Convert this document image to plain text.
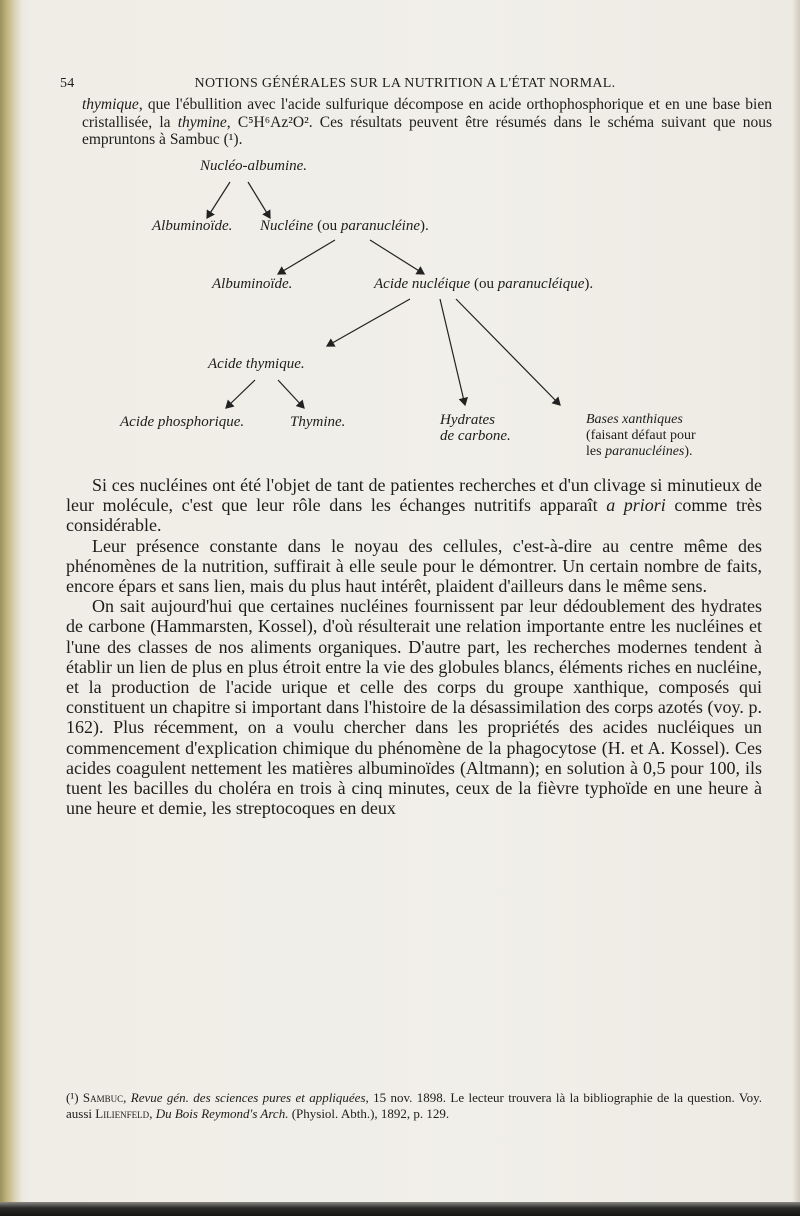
54	NOTIONS GÉNÉRALES SUR LA NUTRITION A L'ÉTAT NORMAL.

thymique, que l'ébullition avec l'acide sulfurique décompose en acide orthophosphorique et en une base bien cristallisée, la thymine, C⁵H⁶Az²O². Ces résultats peuvent être résumés dans le schéma suivant que nous empruntons à Sambuc (¹).

Nucléo-albumine.
Albuminoïde. Nucléine (ou paranucléine).
Albuminoïde.	Acide nucléique (ou paranucléique).
Acide thymique.
Acide phosphorique.	Thymine.	Hydrates
de carbone.
Bases xanthiques
(faisant défaut pour
les paranucléines).

Si ces nucléines ont été l'objet de tant de patientes recherches et d'un clivage si minutieux de leur molécule, c'est que leur rôle dans les échanges nutritifs apparaît a priori comme très considérable.

Leur présence constante dans le noyau des cellules, c'est-à-dire au centre même des phénomènes de la nutrition, suffirait à elle seule pour le démontrer. Un certain nombre de faits, encore épars et sans lien, mais du plus haut intérêt, plaident d'ailleurs dans le même sens.

On sait aujourd'hui que certaines nucléines fournissent par leur dédoublement des hydrates de carbone (Hammarsten, Kossel), d'où résulterait une relation importante entre les nucléines et l'une des classes de nos aliments organiques. D'autre part, les recherches modernes tendent à établir un lien de plus en plus étroit entre la vie des globules blancs, éléments riches en nucléine, et la production de l'acide urique et celle des corps du groupe xanthique, composés qui constituent un chapitre si important dans l'histoire de la désassimilation des corps azotés (voy. p. 162). Plus récemment, on a voulu chercher dans les propriétés des acides nucléiques un commencement d'explication chimique du phénomène de la phagocytose (H. et A. Kossel). Ces acides coagulent nettement les matières albuminoïdes (Altmann); en solution à 0,5 pour 100, ils tuent les bacilles du choléra en trois à cinq minutes, ceux de la fièvre typhoïde en une heure à une heure et demie, les streptocoques en deux

(¹) Sambuc, Revue gén. des sciences pures et appliquées, 15 nov. 1898. Le lecteur trouvera là la bibliographie de la question. Voy. aussi Lilienfeld, Du Bois Reymond's Arch. (Physiol. Abth.), 1892, p. 129.
